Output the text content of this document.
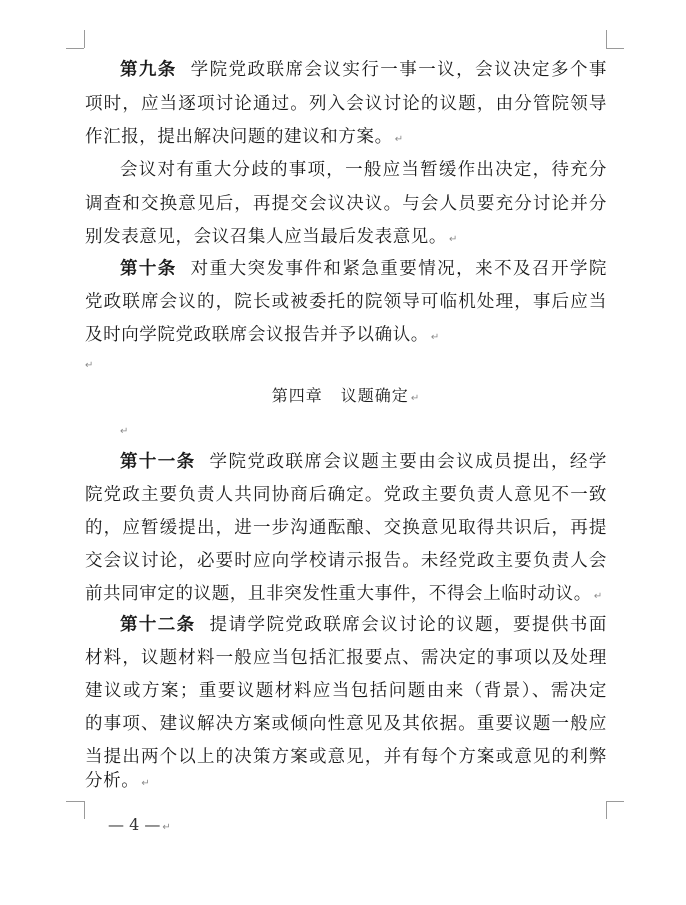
第九条 学院党政联席会议实行一事一议，会议决定多个事
项时，应当逐项讨论通过。列入会议讨论的议题，由分管院领导
作汇报，提出解决问题的建议和方案。 ↵
会议对有重大分歧的事项，一般应当暂缓作出决定，待充分
调查和交换意见后，再提交会议决议。与会人员要充分讨论并分
别发表意见，会议召集人应当最后发表意见。 ↵
第十条 对重大突发事件和紧急重要情况，来不及召开学院
党政联席会议的，院长或被委托的院领导可临机处理，事后应当
及时向学院党政联席会议报告并予以确认。 ↵
↵
第四章 议题确定 ↵
↵
第十一条 学院党政联席会议题主要由会议成员提出，经学
院党政主要负责人共同协商后确定。党政主要负责人意见不一致
的，应暂缓提出，进一步沟通酝酿、交换意见取得共识后，再提
交会议讨论，必要时应向学校请示报告。未经党政主要负责人会
前共同审定的议题，且非突发性重大事件，不得会上临时动议。 ↵
第十二条 提请学院党政联席会议讨论的议题，要提供书面
材料，议题材料一般应当包括汇报要点、需决定的事项以及处理
建议或方案；重要议题材料应当包括问题由来（背景）、需决定
的事项、建议解决方案或倾向性意见及其依据。重要议题一般应
当提出两个以上的决策方案或意见，并有每个方案或意见的利弊
分析。 ↵
— 4 — ↵
